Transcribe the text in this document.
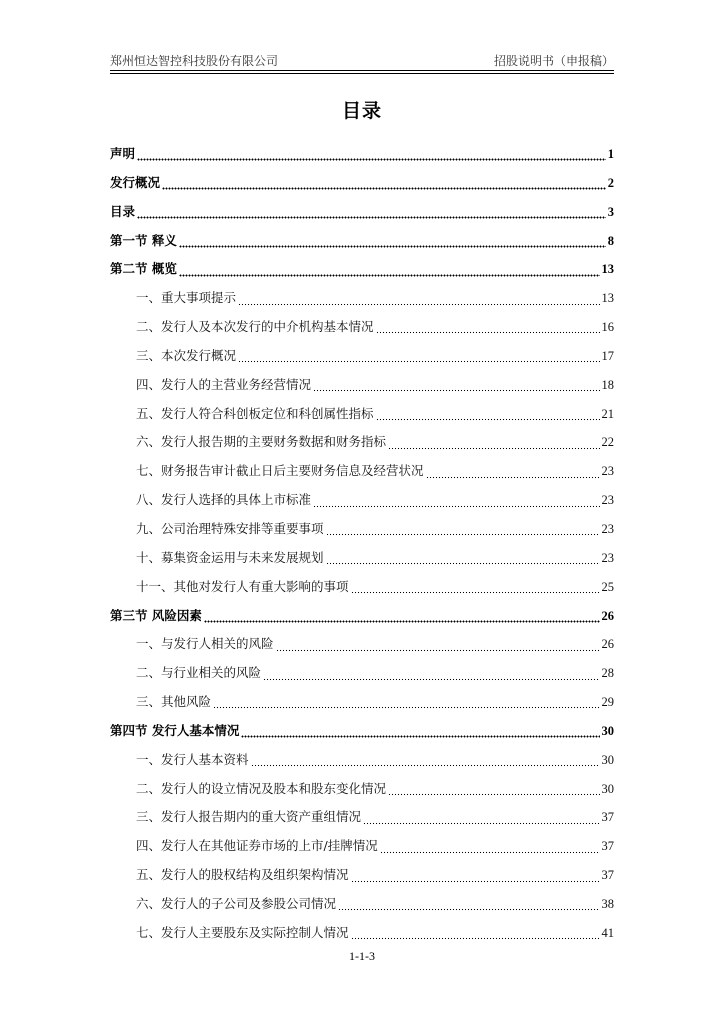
郑州恒达智控科技股份有限公司	招股说明书（申报稿）
目录
声明	1
发行概况	2
目录	3
第一节 释义	8
第二节 概览	13
一、重大事项提示	13
二、发行人及本次发行的中介机构基本情况	16
三、本次发行概况	17
四、发行人的主营业务经营情况	18
五、发行人符合科创板定位和科创属性指标	21
六、发行人报告期的主要财务数据和财务指标	22
七、财务报告审计截止日后主要财务信息及经营状况	23
八、发行人选择的具体上市标准	23
九、公司治理特殊安排等重要事项	23
十、募集资金运用与未来发展规划	23
十一、其他对发行人有重大影响的事项	25
第三节 风险因素	26
一、与发行人相关的风险	26
二、与行业相关的风险	28
三、其他风险	29
第四节 发行人基本情况	30
一、发行人基本资料	30
二、发行人的设立情况及股本和股东变化情况	30
三、发行人报告期内的重大资产重组情况	37
四、发行人在其他证券市场的上市/挂牌情况	37
五、发行人的股权结构及组织架构情况	37
六、发行人的子公司及参股公司情况	38
七、发行人主要股东及实际控制人情况	41
1-1-3
